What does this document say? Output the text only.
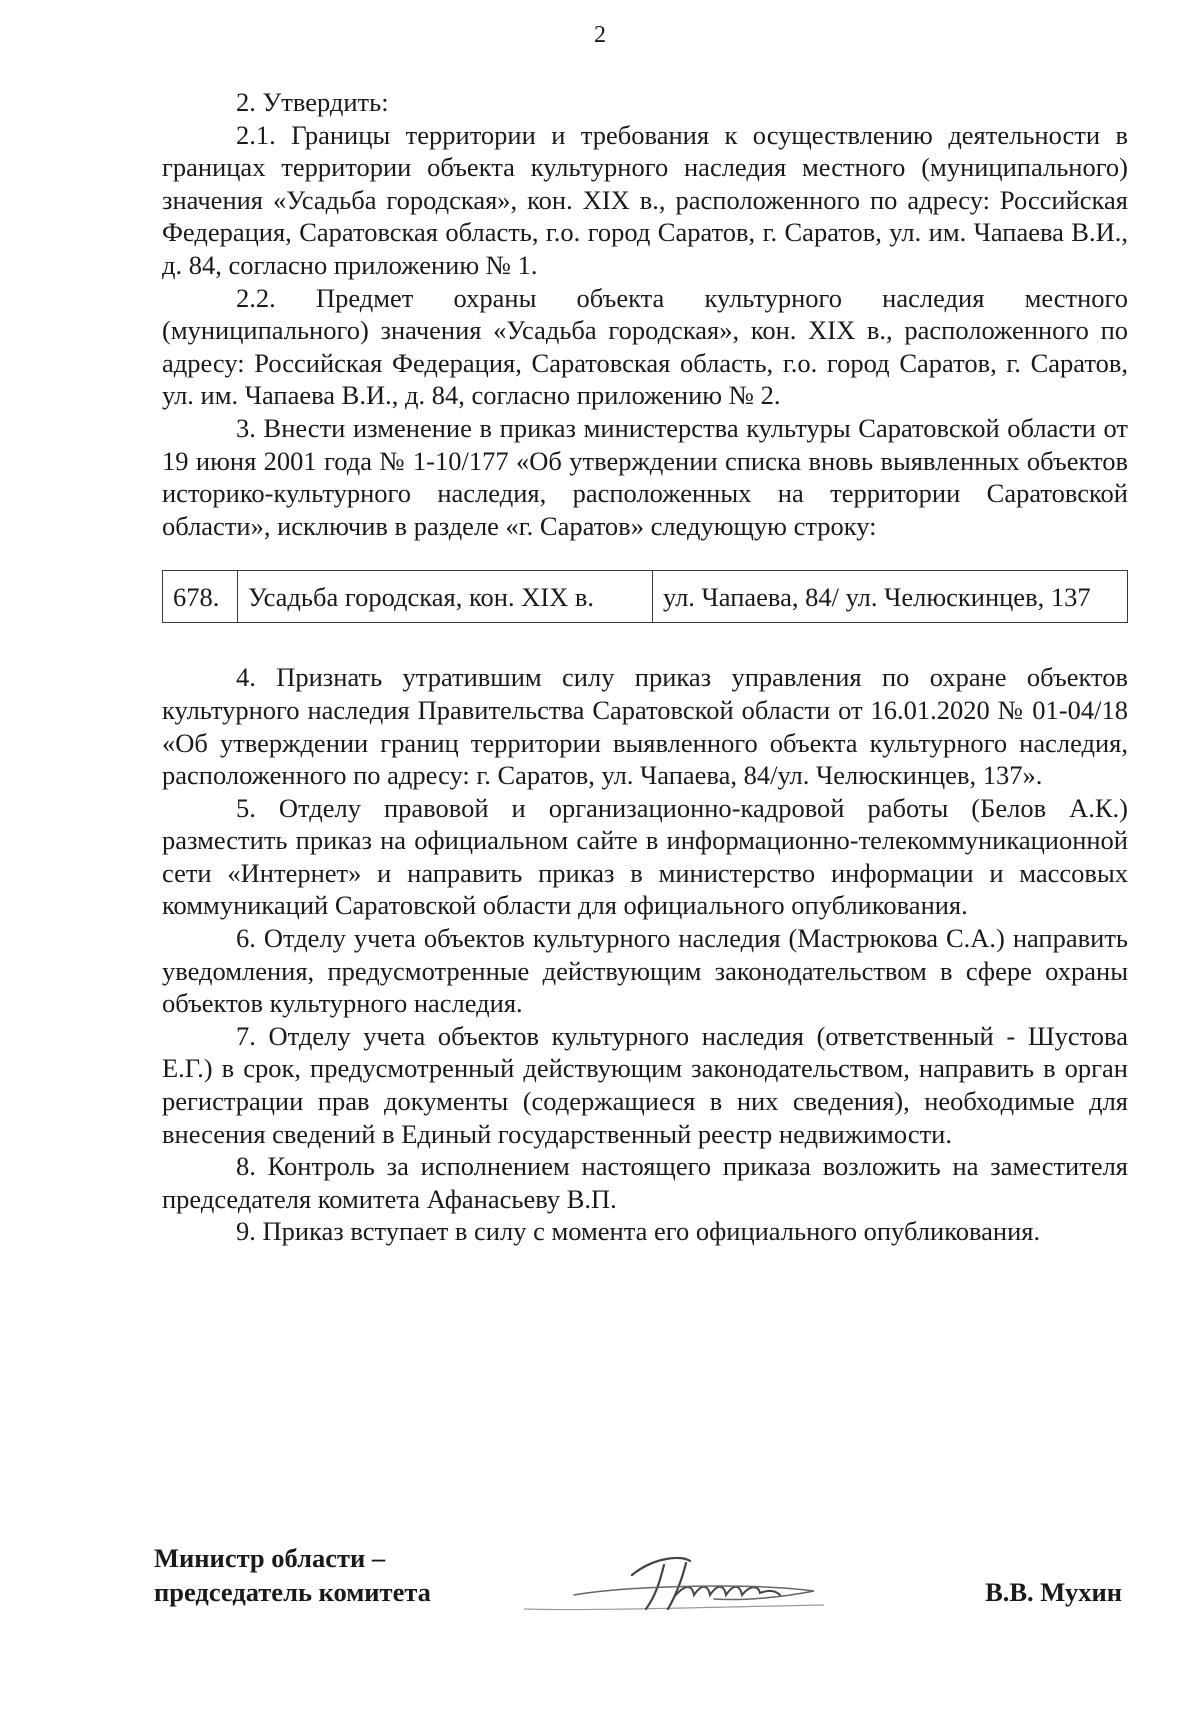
2

2. Утвердить:

2.1. Границы территории и требования к осуществлению деятельности в границах территории объекта культурного наследия местного (муниципального) значения «Усадьба городская», кон. XIX в., расположенного по адресу: Российская Федерация, Саратовская область, г.о. город Саратов, г. Саратов, ул. им. Чапаева В.И., д. 84, согласно приложению № 1.

2.2. Предмет охраны объекта культурного наследия местного (муниципального) значения «Усадьба городская», кон. XIX в., расположенного по адресу: Российская Федерация, Саратовская область, г.о. город Саратов, г. Саратов, ул. им. Чапаева В.И., д. 84, согласно приложению № 2.

3. Внести изменение в приказ министерства культуры Саратовской области от 19 июня 2001 года № 1-10/177 «Об утверждении списка вновь выявленных объектов историко-культурного наследия, расположенных на территории Саратовской области», исключив в разделе «г. Саратов» следующую строку:

678.	Усадьба городская, кон. XIX в.	ул. Чапаева, 84/ ул. Челюскинцев, 137

4. Признать утратившим силу приказ управления по охране объектов культурного наследия Правительства Саратовской области от 16.01.2020 № 01-04/18 «Об утверждении границ территории выявленного объекта культурного наследия, расположенного по адресу: г. Саратов, ул. Чапаева, 84/ул. Челюскинцев, 137».

5. Отделу правовой и организационно-кадровой работы (Белов А.К.) разместить приказ на официальном сайте в информационно-телекоммуникационной сети «Интернет» и направить приказ в министерство информации и массовых коммуникаций Саратовской области для официального опубликования.

6. Отделу учета объектов культурного наследия (Мастрюкова С.А.) направить уведомления, предусмотренные действующим законодательством в сфере охраны объектов культурного наследия.

7. Отделу учета объектов культурного наследия (ответственный - Шустова Е.Г.) в срок, предусмотренный действующим законодательством, направить в орган регистрации прав документы (содержащиеся в них сведения), необходимые для внесения сведений в Единый государственный реестр недвижимости.

8. Контроль за исполнением настоящего приказа возложить на заместителя председателя комитета Афанасьеву В.П.

9. Приказ вступает в силу с момента его официального опубликования.

Министр области –
председатель комитета	В.В. Мухин
